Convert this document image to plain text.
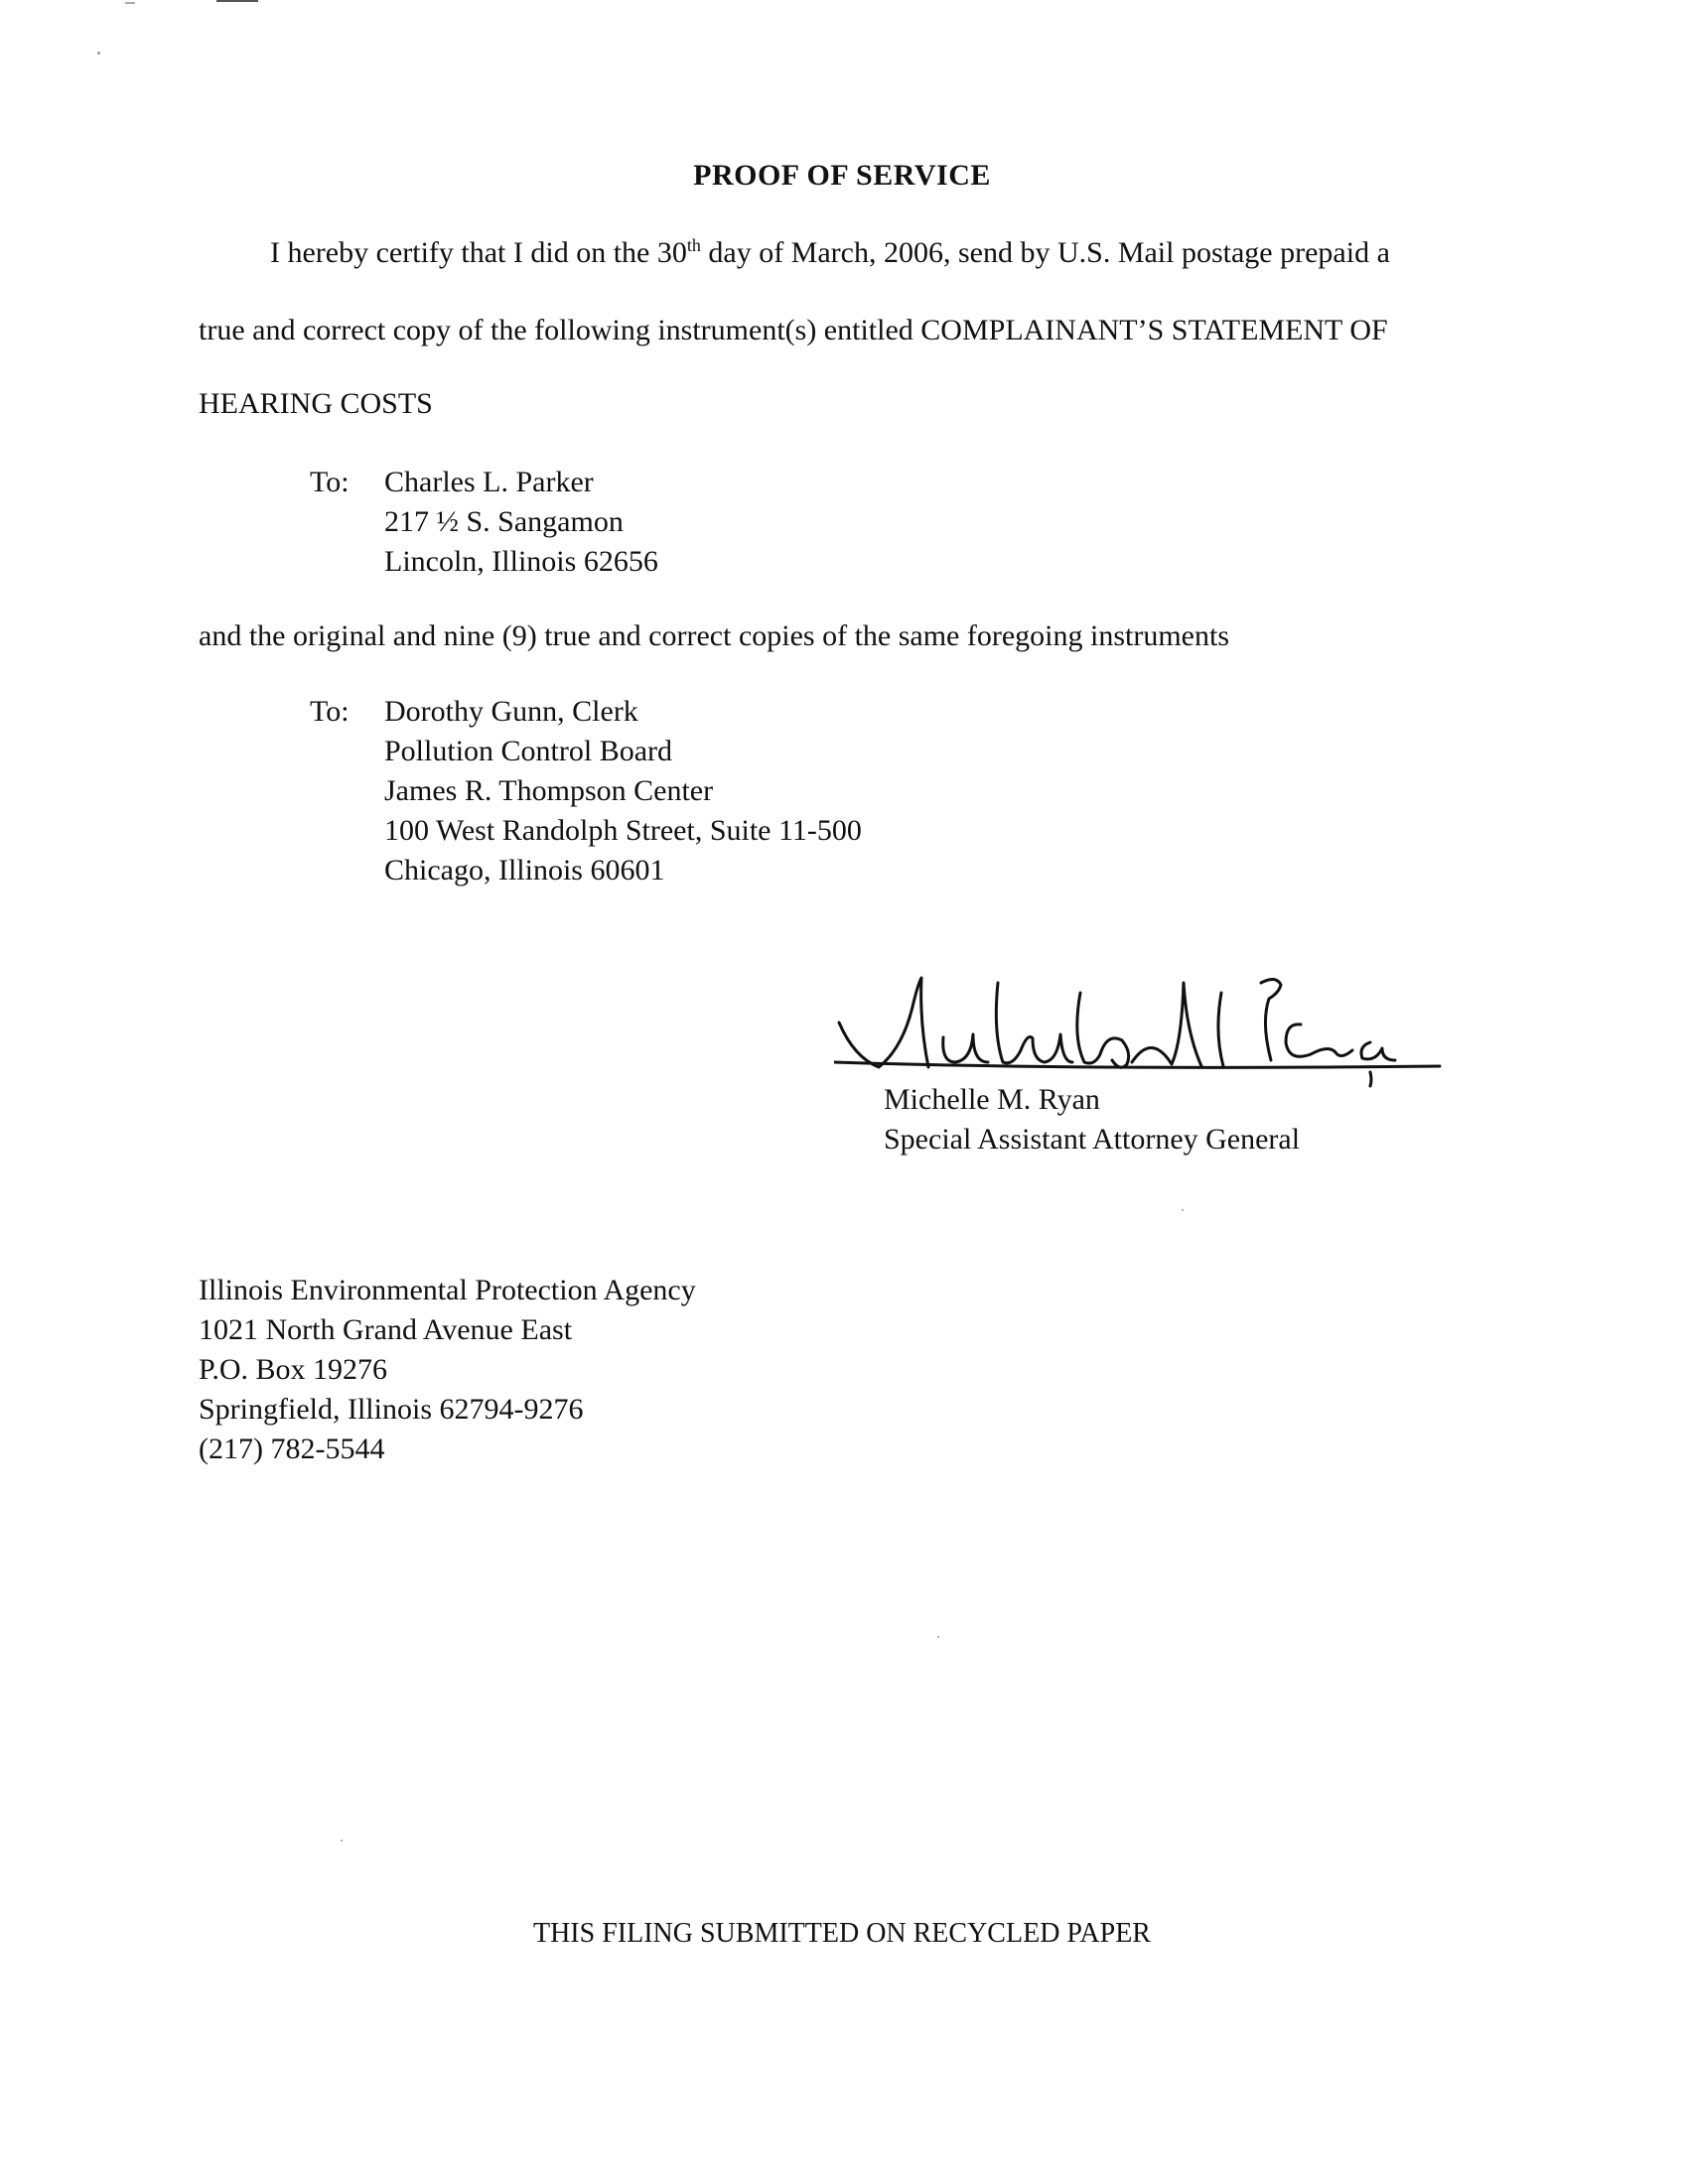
PROOF OF SERVICE
I hereby certify that I did on the 30th day of March, 2006, send by U.S. Mail postage prepaid a
true and correct copy of the following instrument(s) entitled COMPLAINANT’S STATEMENT OF
HEARING COSTS
To: Charles L. Parker
217 ½ S. Sangamon
Lincoln, Illinois 62656
and the original and nine (9) true and correct copies of the same foregoing instruments
To: Dorothy Gunn, Clerk
Pollution Control Board
James R. Thompson Center
100 West Randolph Street, Suite 11-500
Chicago, Illinois 60601
Michelle M. Ryan
Special Assistant Attorney General
Illinois Environmental Protection Agency
1021 North Grand Avenue East
P.O. Box 19276
Springfield, Illinois 62794-9276
(217) 782-5544
THIS FILING SUBMITTED ON RECYCLED PAPER
